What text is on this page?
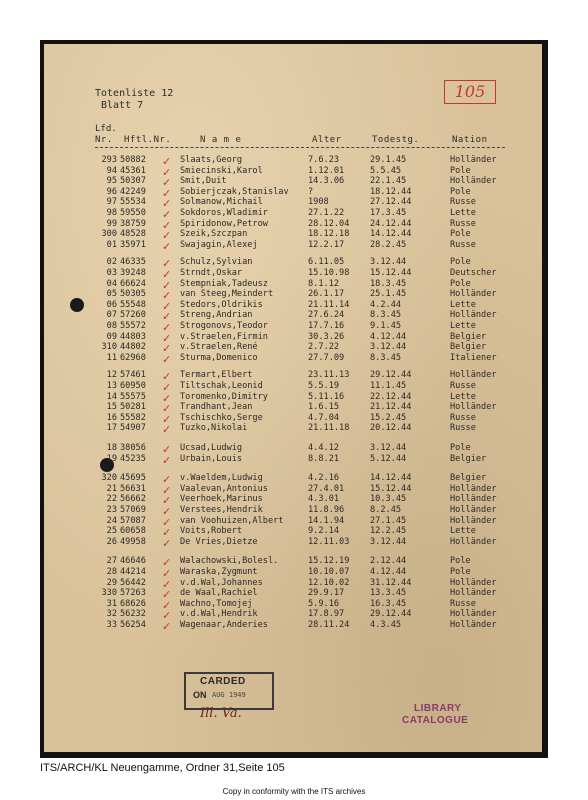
Totenliste 12
Blatt 7
105
Lfd.
Nr. Hftl.Nr.	N a m e	Alter	Todestg.	Nation
293 50882	Slaats,Georg	7.6.23	29.1.45	Holländer
✓
94 45361	Smiecinski,Karol	1.12.01	5.5.45	Pole
✓
95 50307	Smit,Duit	14.3.06	22.1.45	Holländer
✓
96 42249	Sobierjczak,Stanislav	?	18.12.44	Pole
✓
97 55534	Solmanow,Michail	1908	27.12.44	Russe
✓
98 59550	Sokdoros,Wladimir	27.1.22	17.3.45	Lette
✓
99 38759	Spiridonow,Petrow	28.12.04	24.12.44	Russe
✓
300 48528	Szeik,Szczpan	18.12.18	14.12.44	Pole
✓
01 35971	Swajagin,Alexej	12.2.17	28.2.45	Russe
✓
02 46335	Schulz,Sylvian	6.11.05	3.12.44	Pole
✓
03 39248	Strndt,Oskar	15.10.98	15.12.44	Deutscher
✓
04 66624	Stempniak,Tadeusz	8.1.12	18.3.45	Pole
✓
05 50305	van Steeg,Meindert	26.1.17	25.1.45	Holländer
✓
06 55548	Stedors,Oldrikis	21.11.14	4.2.44	Lette
✓
07 57260	Streng,Andrian	27.6.24	8.3.45	Holländer
✓
08 55572	Strogonovs,Teodor	17.7.16	9.1.45	Lette
✓
09 44803	v.Straelen,Firmin	30.3.26	4.12.44	Belgier
✓
310 44802	v.Straelen,René	2.7.22	3.12.44	Belgier
✓
11 62960	Sturma,Domenico	27.7.09	8.3.45	Italiener
✓
12 57461	Termart,Elbert	23.11.13	29.12.44	Holländer
✓
13 60950	Tiltschak,Leonid	5.5.19	11.1.45	Russe
✓
14 55575	Toromenko,Dimitry	5.11.16	22.12.44	Lette
✓
15 50281	Trandhant,Jean	1.6.15	21.12.44	Holländer
✓
16 55582	Tschischko,Serge	4.7.04	15.2.45	Russe
✓
17 54907	Tuzko,Nikolai	21.11.18	20.12.44	Russe
✓
18 38056	Ucsad,Ludwig	4.4.12	3.12.44	Pole
✓
19 45235	Urbain,Louis	8.8.21	5.12.44	Belgier
✓
320 45695	v.Waeldem,Ludwig	4.2.16	14.12.44	Belgier
✓
21 56631	Vaalevan,Antonius	27.4.01	15.12.44	Holländer
✓
22 56662	Veerhoek,Marinus	4.3.01	10.3.45	Holländer
✓
23 57069	Verstees,Hendrik	11.8.96	8.2.45	Holländer
✓
24 57087	van Voohuizen,Albert	14.1.94	27.1.45	Holländer
✓
25 60658	Voits,Robert	9.2.14	12.2.45	Lette
✓
26 49958	De Vries,Dietze	12.11.03	3.12.44	Holländer
✓
27 46646	Walachowski,Bolesl.	15.12.19	2.12.44	Pole
✓
28 44214	Waraska,Zygmunt	10.10.07	4.12.44	Pole
✓
29 56442	v.d.Wal,Johannes	12.10.02	31.12.44	Holländer
✓
330 57263	de Waal,Rachiel	29.9.17	13.3.45	Holländer
✓
31 68626	Wachno,Tomojej	5.9.16	16.3.45	Russe
✓
32 56232	v.d.Wal,Hendrik	17.8.97	29.12.44	Holländer
✓
33 56254	Wagenaar,Anderies	28.11.24	4.3.45	Holländer
✓
CARDED
ON AUG 1949
Ill. Va.	LIBRARY
CATALOGUE
ITS/ARCH/KL Neuengamme, Ordner 31,Seite 105
Copy in conformity with the ITS archives
